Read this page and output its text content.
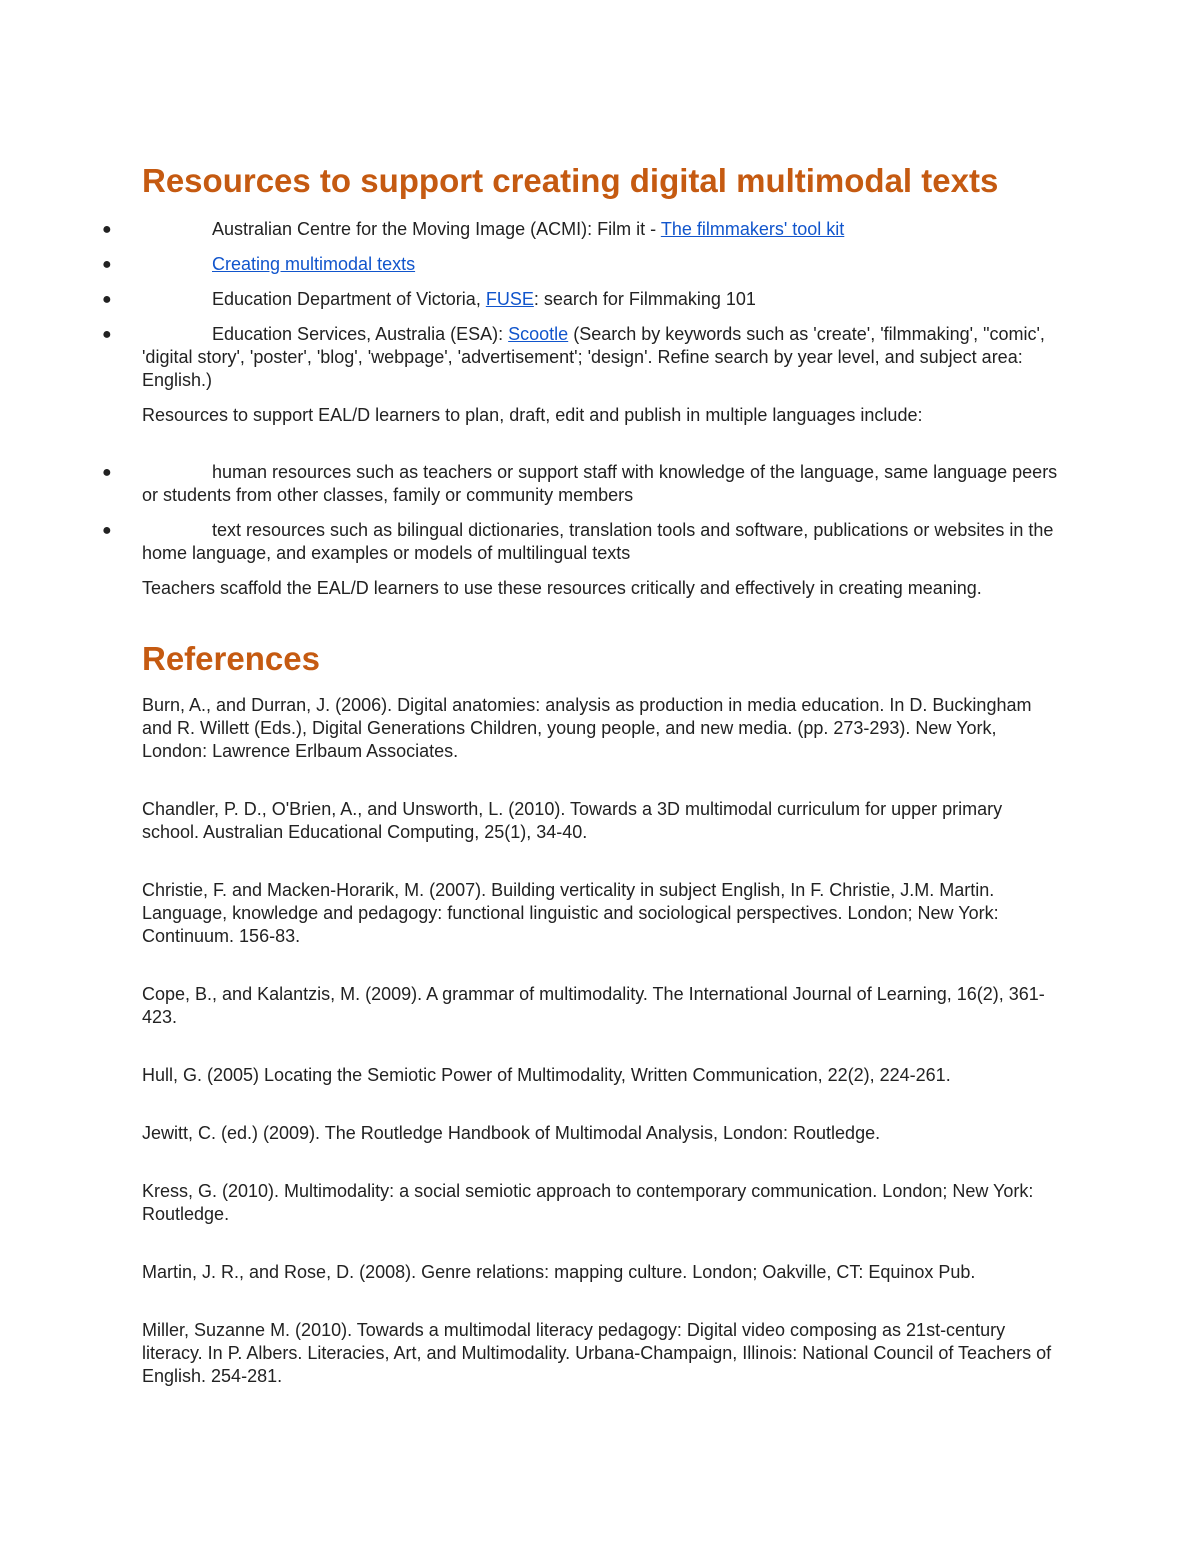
Resources to support creating digital multimodal texts
●	Australian Centre for the Moving Image (ACMI): Film it - The filmmakers' tool kit
●	Creating multimodal texts
●	Education Department of Victoria, FUSE: search for Filmmaking 101
●	Education Services, Australia (ESA): Scootle (Search by keywords such as 'create', 'filmmaking', "comic', 'digital story', 'poster', 'blog', 'webpage', 'advertisement'; 'design'. Refine search by year level, and subject area: English.)

Resources to support EAL/D learners to plan, draft, edit and publish in multiple languages include:

●	human resources such as teachers or support staff with knowledge of the language, same language peers or students from other classes, family or community members
●	text resources such as bilingual dictionaries, translation tools and software, publications or websites in the home language, and examples or models of multilingual texts

Teachers scaffold the EAL/D learners to use these resources critically and effectively in creating meaning.

References

Burn, A., and Durran, J. (2006). Digital anatomies: analysis as production in media education. In D. Buckingham and R. Willett (Eds.), Digital Generations Children, young people, and new media. (pp. 273-293). New York, London: Lawrence Erlbaum Associates.

Chandler, P. D., O'Brien, A., and Unsworth, L. (2010). Towards a 3D multimodal curriculum for upper primary school. Australian Educational Computing, 25(1), 34-40.

Christie, F. and Macken-Horarik, M. (2007). Building verticality in subject English, In F. Christie, J.M. Martin. Language, knowledge and pedagogy: functional linguistic and sociological perspectives. London; New York: Continuum. 156-83.

Cope, B., and Kalantzis, M. (2009). A grammar of multimodality. The International Journal of Learning, 16(2), 361-423.

Hull, G. (2005) Locating the Semiotic Power of Multimodality, Written Communication, 22(2), 224-261.

Jewitt, C. (ed.) (2009). The Routledge Handbook of Multimodal Analysis, London: Routledge.

Kress, G. (2010). Multimodality: a social semiotic approach to contemporary communication. London; New York: Routledge.

Martin, J. R., and Rose, D. (2008). Genre relations: mapping culture. London; Oakville, CT: Equinox Pub.

Miller, Suzanne M. (2010). Towards a multimodal literacy pedagogy: Digital video composing as 21st-century literacy. In P. Albers. Literacies, Art, and Multimodality. Urbana-Champaign, Illinois: National Council of Teachers of English. 254-281.
